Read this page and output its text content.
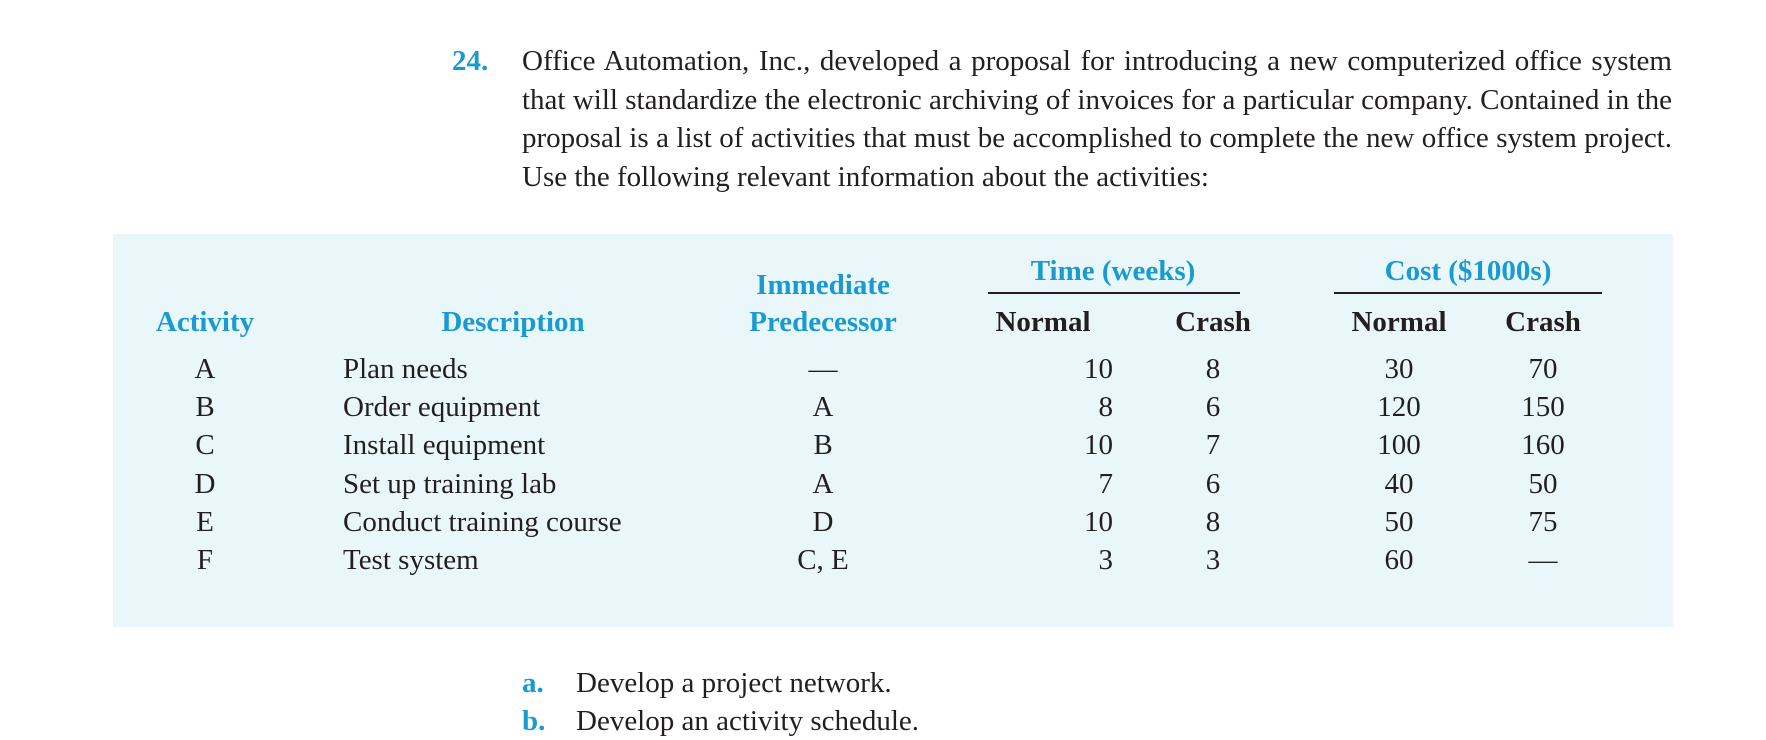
24. Office Automation, Inc., developed a proposal for introducing a new computerized office system that will standardize the electronic archiving of invoices for a particular company. Contained in the proposal is a list of activities that must be accomplished to complete the new office system project. Use the following relevant information about the activities:
Time (weeks)	Cost ($1000s)
Immediate
Activity	Description	Predecessor	Normal	Crash	Normal	Crash
A	Plan needs	—	10	8	30	70
B	Order equipment	A	8	6	120	150
C	Install equipment	B	10	7	100	160
D	Set up training lab	A	7	6	40	50
E	Conduct training course	D	10	8	50	75
F	Test system	C, E	3	3	60	—
a. Develop a project network.
b. Develop an activity schedule.
